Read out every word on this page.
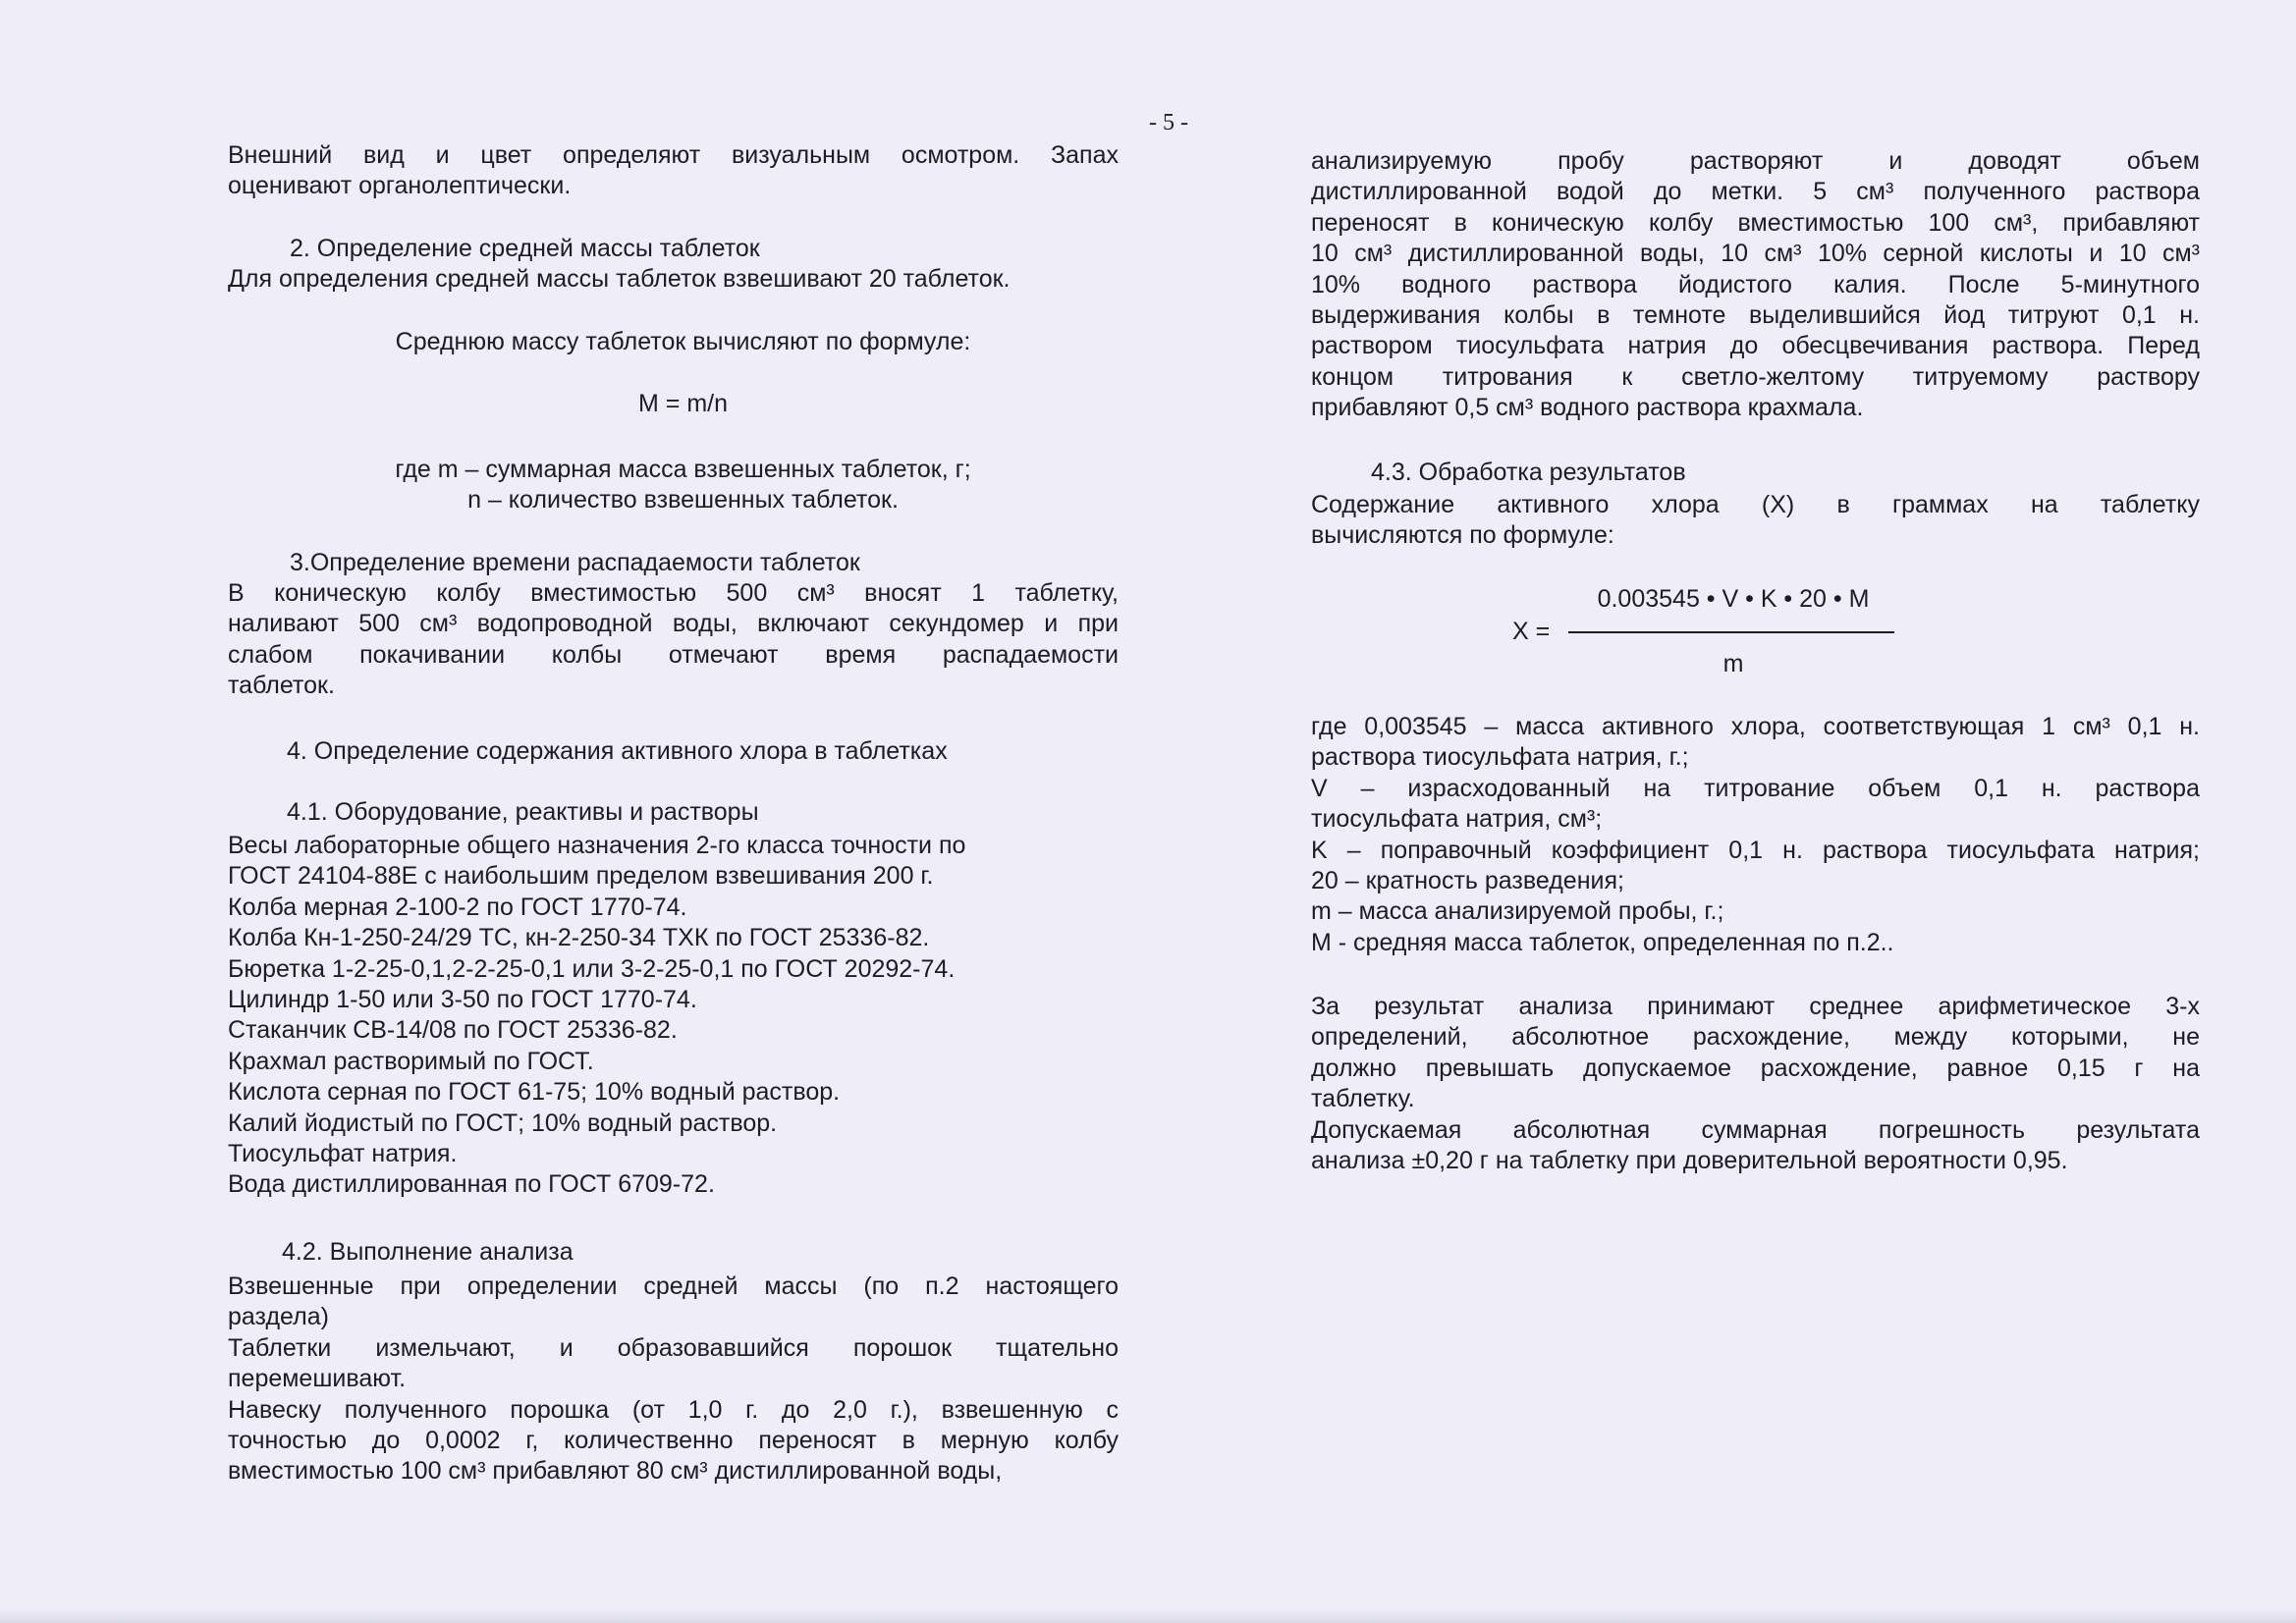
- 5 -
Внешний вид и цвет определяют визуальным осмотром. Запах
оценивают органолептически.
2. Определение средней массы таблеток
Для определения средней массы таблеток взвешивают 20 таблеток.
Среднюю массу таблеток вычисляют по формуле:
M = m/n
где m – суммарная масса взвешенных таблеток, г;
n – количество взвешенных таблеток.
3.Определение времени распадаемости таблеток
В коническую колбу вместимостью 500 см³ вносят 1 таблетку,
наливают 500 см³ водопроводной воды, включают секундомер и при
слабом покачивании колбы отмечают время распадаемости
таблеток.
4. Определение содержания активного хлора в таблетках
4.1. Оборудование, реактивы и растворы
Весы лабораторные общего назначения 2-го класса точности по
ГОСТ 24104-88Е с наибольшим пределом взвешивания 200 г.
Колба мерная 2-100-2 по ГОСТ 1770-74.
Колба Кн-1-250-24/29 ТС, кн-2-250-34 ТХК по ГОСТ 25336-82.
Бюретка 1-2-25-0,1,2-2-25-0,1 или 3-2-25-0,1 по ГОСТ 20292-74.
Цилиндр 1-50 или 3-50 по ГОСТ 1770-74.
Стаканчик СВ-14/08 по ГОСТ 25336-82.
Крахмал растворимый по ГОСТ.
Кислота серная по ГОСТ 61-75; 10% водный раствор.
Калий йодистый по ГОСТ; 10% водный раствор.
Тиосульфат натрия.
Вода дистиллированная по ГОСТ 6709-72.
4.2. Выполнение анализа
Взвешенные при определении средней массы (по п.2 настоящего
раздела)
Таблетки измельчают, и образовавшийся порошок тщательно
перемешивают.
Навеску полученного порошка (от 1,0 г. до 2,0 г.), взвешенную с
точностью до 0,0002 г, количественно переносят в мерную колбу
вместимостью 100 см³ прибавляют 80 см³ дистиллированной воды,
анализируемую пробу растворяют и доводят объем
дистиллированной водой до метки. 5 см³ полученного раствора
переносят в коническую колбу вместимостью 100 см³, прибавляют
10 см³ дистиллированной воды, 10 см³ 10% серной кислоты и 10 см³
10% водного раствора йодистого калия. После 5-минутного
выдерживания колбы в темноте выделившийся йод титруют 0,1 н.
раствором тиосульфата натрия до обесцвечивания раствора. Перед
концом титрования к светло-желтому титруемому раствору
прибавляют 0,5 см³ водного раствора крахмала.
4.3. Обработка результатов
Содержание активного хлора (X) в граммах на таблетку
вычисляются по формуле:
где 0,003545 – масса активного хлора, соответствующая 1 см³ 0,1 н.
раствора тиосульфата натрия, г.;
V – израсходованный на титрование объем 0,1 н. раствора
тиосульфата натрия, см³;
K – поправочный коэффициент 0,1 н. раствора тиосульфата натрия;
20 – кратность разведения;
m – масса анализируемой пробы, г.;
M - средняя масса таблеток, определенная по п.2..
За результат анализа принимают среднее арифметическое 3-х
определений, абсолютное расхождение, между которыми, не
должно превышать допускаемое расхождение, равное 0,15 г на
таблетку.
Допускаемая абсолютная суммарная погрешность результата
анализа ±0,20 г на таблетку при доверительной вероятности 0,95.
0.003545 • V • K • 20 • M
X =
m
